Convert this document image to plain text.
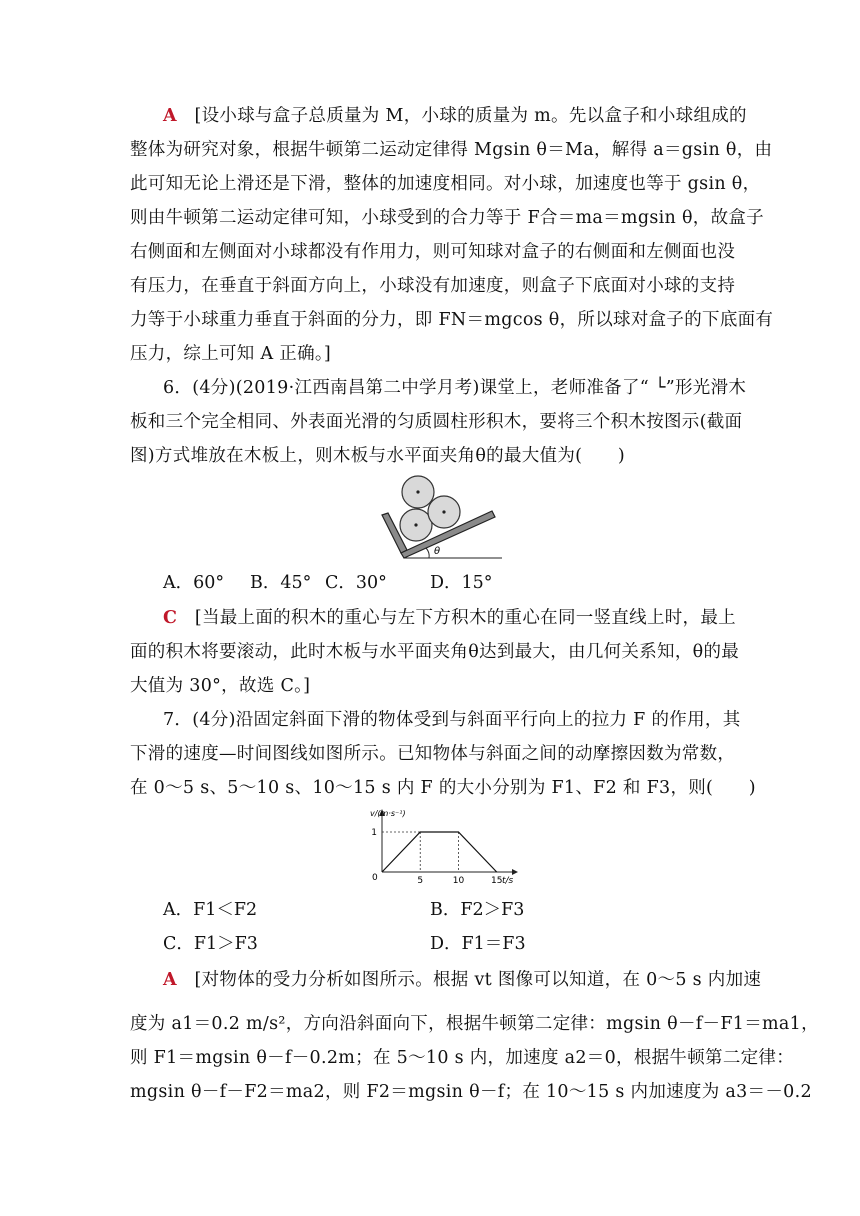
A [设小球与盒子总质量为 M，小球的质量为 m。先以盒子和小球组成的
整体为研究对象，根据牛顿第二运动定律得 Mgsin θ＝Ma，解得 a＝gsin θ，由
此可知无论上滑还是下滑，整体的加速度相同。对小球，加速度也等于 gsin θ，
则由牛顿第二运动定律可知，小球受到的合力等于 F合＝ma＝mgsin θ，故盒子
右侧面和左侧面对小球都没有作用力，则可知球对盒子的右侧面和左侧面也没
有压力，在垂直于斜面方向上，小球没有加速度，则盒子下底面对小球的支持
力等于小球重力垂直于斜面的分力，即 FN＝mgcos θ，所以球对盒子的下底面有
压力，综上可知 A 正确。]
6．(4分)(2019·江西南昌第二中学月考)课堂上，老师准备了“ └”形光滑木
板和三个完全相同、外表面光滑的匀质圆柱形积木，要将三个积木按图示(截面
图)方式堆放在木板上，则木板与水平面夹角θ的最大值为(　　)
θ
A．60° B．45° C．30° D．15°
C [当最上面的积木的重心与左下方积木的重心在同一竖直线上时，最上
面的积木将要滚动，此时木板与水平面夹角θ达到最大，由几何关系知，θ的最
大值为 30°，故选 C。]
7．(4分)沿固定斜面下滑的物体受到与斜面平行向上的拉力 F 的作用，其
下滑的速度—时间图线如图所示。已知物体与斜面之间的动摩擦因数为常数，
在 0～5 s、5～10 s、10～15 s 内 F 的大小分别为 F1、F2 和 F3，则(　　)
v/(m·s⁻¹)
t/s
0	5	10	15
1
A．F1＜F2	B．F2＞F3
C．F1＞F3	D．F1＝F3
A [对物体的受力分析如图所示。根据 vt 图像可以知道，在 0～5 s 内加速
度为 a1＝0.2 m/s²，方向沿斜面向下，根据牛顿第二定律：mgsin θ－f－F1＝ma1，
则 F1＝mgsin θ－f－0.2m；在 5～10 s 内，加速度 a2＝0，根据牛顿第二定律：
mgsin θ－f－F2＝ma2，则 F2＝mgsin θ－f；在 10～15 s 内加速度为 a3＝－0.2
